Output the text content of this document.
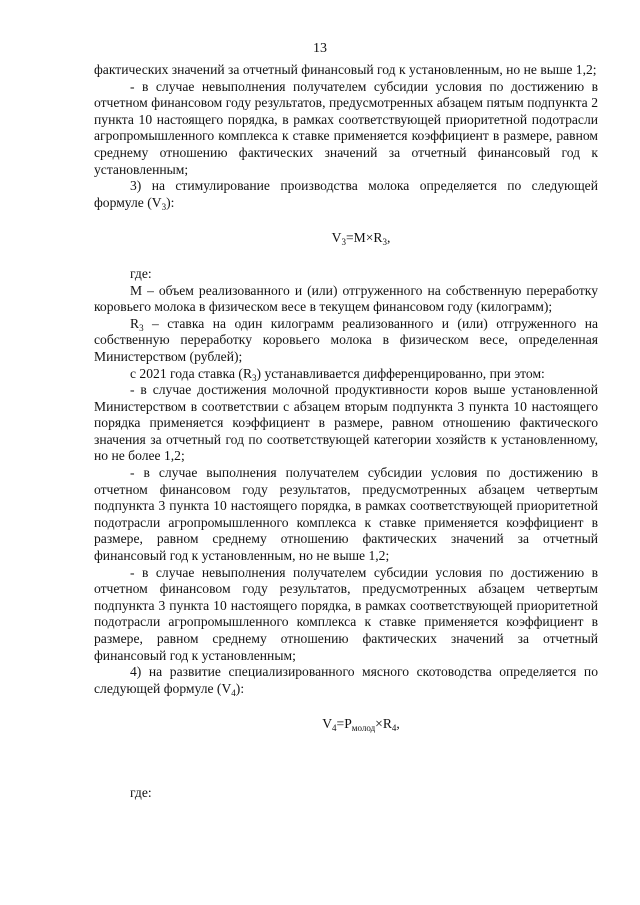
13

фактических значений за отчетный финансовый год к установленным, но не выше 1,2;

- в случае невыполнения получателем субсидии условия по достижению в отчетном финансовом году результатов, предусмотренных абзацем пятым подпункта 2 пункта 10 настоящего порядка, в рамках соответствующей приоритетной подотрасли агропромышленного комплекса к ставке применяется коэффициент в размере, равном среднему отношению фактических значений за отчетный финансовый год к установленным;

3) на стимулирование производства молока определяется по следующей формуле $(V_3)$:

$V_3=M\times R_3$,

где:

М – объем реализованного и (или) отгруженного на собственную переработку коровьего молока в физическом весе в текущем финансовом году (килограмм);

$R_3$ – ставка на один килограмм реализованного и (или) отгруженного на собственную переработку коровьего молока в физическом весе, определенная Министерством (рублей);

с 2021 года ставка $(R_3)$ устанавливается дифференцированно, при этом:

- в случае достижения молочной продуктивности коров выше установленной Министерством в соответствии с абзацем вторым подпункта 3 пункта 10 настоящего порядка применяется коэффициент в размере, равном отношению фактического значения за отчетный год по соответствующей категории хозяйств к установленному, но не более 1,2;

- в случае выполнения получателем субсидии условия по достижению в отчетном финансовом году результатов, предусмотренных абзацем четвертым подпункта 3 пункта 10 настоящего порядка, в рамках соответствующей приоритетной подотрасли агропромышленного комплекса к ставке применяется коэффициент в размере, равном среднему отношению фактических значений за отчетный финансовый год к установленным, но не выше 1,2;

- в случае невыполнения получателем субсидии условия по достижению в отчетном финансовом году результатов, предусмотренных абзацем четвертым подпункта 3 пункта 10 настоящего порядка, в рамках соответствующей приоритетной подотрасли агропромышленного комплекса к ставке применяется коэффициент в размере, равном среднему отношению фактических значений за отчетный финансовый год к установленным;

4) на развитие специализированного мясного скотоводства определяется по следующей формуле $(V_4)$:

$V_4=P_{молод}\times R_4$,

где:
